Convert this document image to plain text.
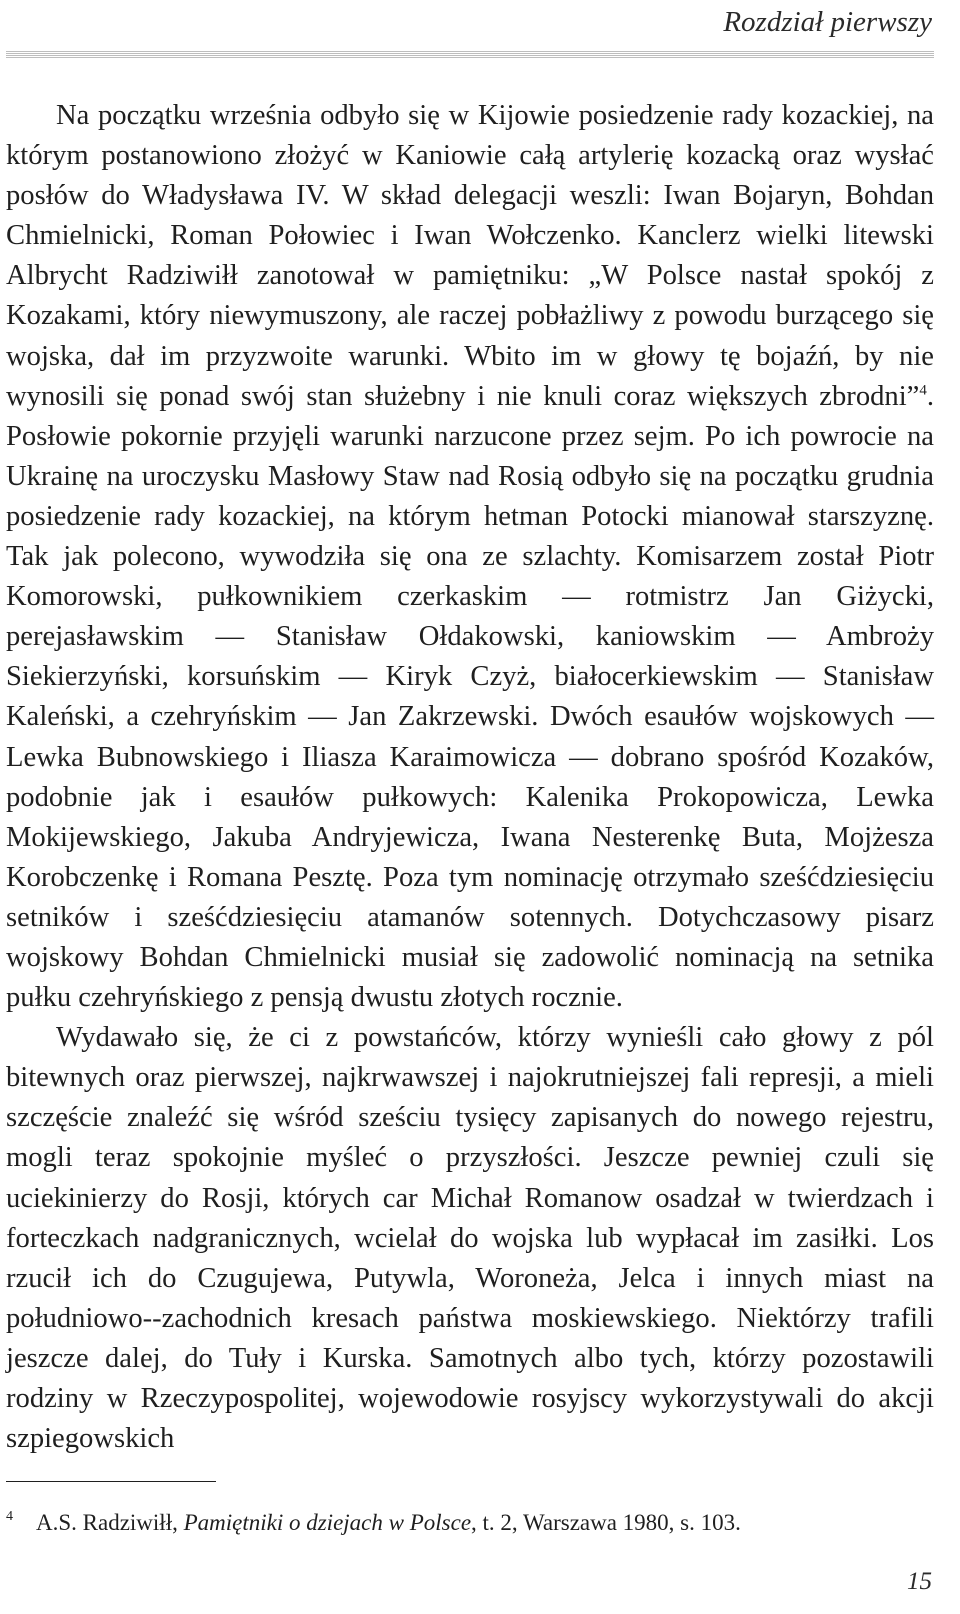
Rozdział pierwszy

Na początku września odbyło się w Kijowie posiedzenie rady kozackiej, na którym postanowiono złożyć w Kaniowie całą artylerię kozacką oraz wysłać posłów do Władysława IV. W skład delegacji weszli: Iwan Bojaryn, Bohdan Chmielnicki, Roman Połowiec i Iwan Wołczenko. Kanclerz wielki litewski Albrycht Radziwiłł zanotował w pamiętniku: „W Polsce nastał spokój z Kozakami, który niewymuszony, ale raczej pobłażliwy z powodu burzącego się wojska, dał im przyzwoite warunki. Wbito im w głowy tę bojaźń, by nie wynosili się ponad swój stan służebny i nie knuli coraz większych zbrodni”$^4$. Posłowie pokornie przyjęli warunki narzucone przez sejm. Po ich powrocie na Ukrainę na uroczysku Masłowy Staw nad Rosią odbyło się na początku grudnia posiedzenie rady kozackiej, na którym hetman Potocki mianował starszyznę. Tak jak polecono, wywodziła się ona ze szlachty. Komisarzem został Piotr Komorowski, pułkownikiem czerkaskim — rotmistrz Jan Giżycki, perejasławskim — Stanisław Ołdakowski, kaniowskim — Ambroży Siekierzyński, korsuńskim — Kiryk Czyż, białocerkiewskim — Stanisław Kaleński, a czehryńskim — Jan Zakrzewski. Dwóch esaułów wojskowych — Lewka Bubnowskiego i Iliasza Karaimowicza — dobrano spośród Kozaków, podobnie jak i esaułów pułkowych: Kalenika Prokopowicza, Lewka Mokijewskiego, Jakuba Andryjewicza, Iwana Nesterenkę Buta, Mojżesza Korobczenkę i Romana Pesztę. Poza tym nominację otrzymało sześćdziesięciu setników i sześćdziesięciu atamanów sotennych. Dotychczasowy pisarz wojskowy Bohdan Chmielnicki musiał się zadowolić nominacją na setnika pułku czehryńskiego z pensją dwustu złotych rocznie.

Wydawało się, że ci z powstańców, którzy wynieśli cało głowy z pól bitewnych oraz pierwszej, najkrwawszej i najokrutniejszej fali represji, a mieli szczęście znaleźć się wśród sześciu tysięcy zapisanych do nowego rejestru, mogli teraz spokojnie myśleć o przyszłości. Jeszcze pewniej czuli się uciekinierzy do Rosji, których car Michał Romanow osadzał w twierdzach i forteczkach nadgranicznych, wcielał do wojska lub wypłacał im zasiłki. Los rzucił ich do Czugujewa, Putywla, Woroneża, Jelca i innych miast na południowo--zachodnich kresach państwa moskiewskiego. Niektórzy trafili jeszcze dalej, do Tuły i Kurska. Samotnych albo tych, którzy pozostawili rodziny w Rzeczypospolitej, wojewodowie rosyjscy wykorzystywali do akcji szpiegowskich

4 A.S. Radziwiłł, Pamiętniki o dziejach w Polsce, t. 2, Warszawa 1980, s. 103.
15
